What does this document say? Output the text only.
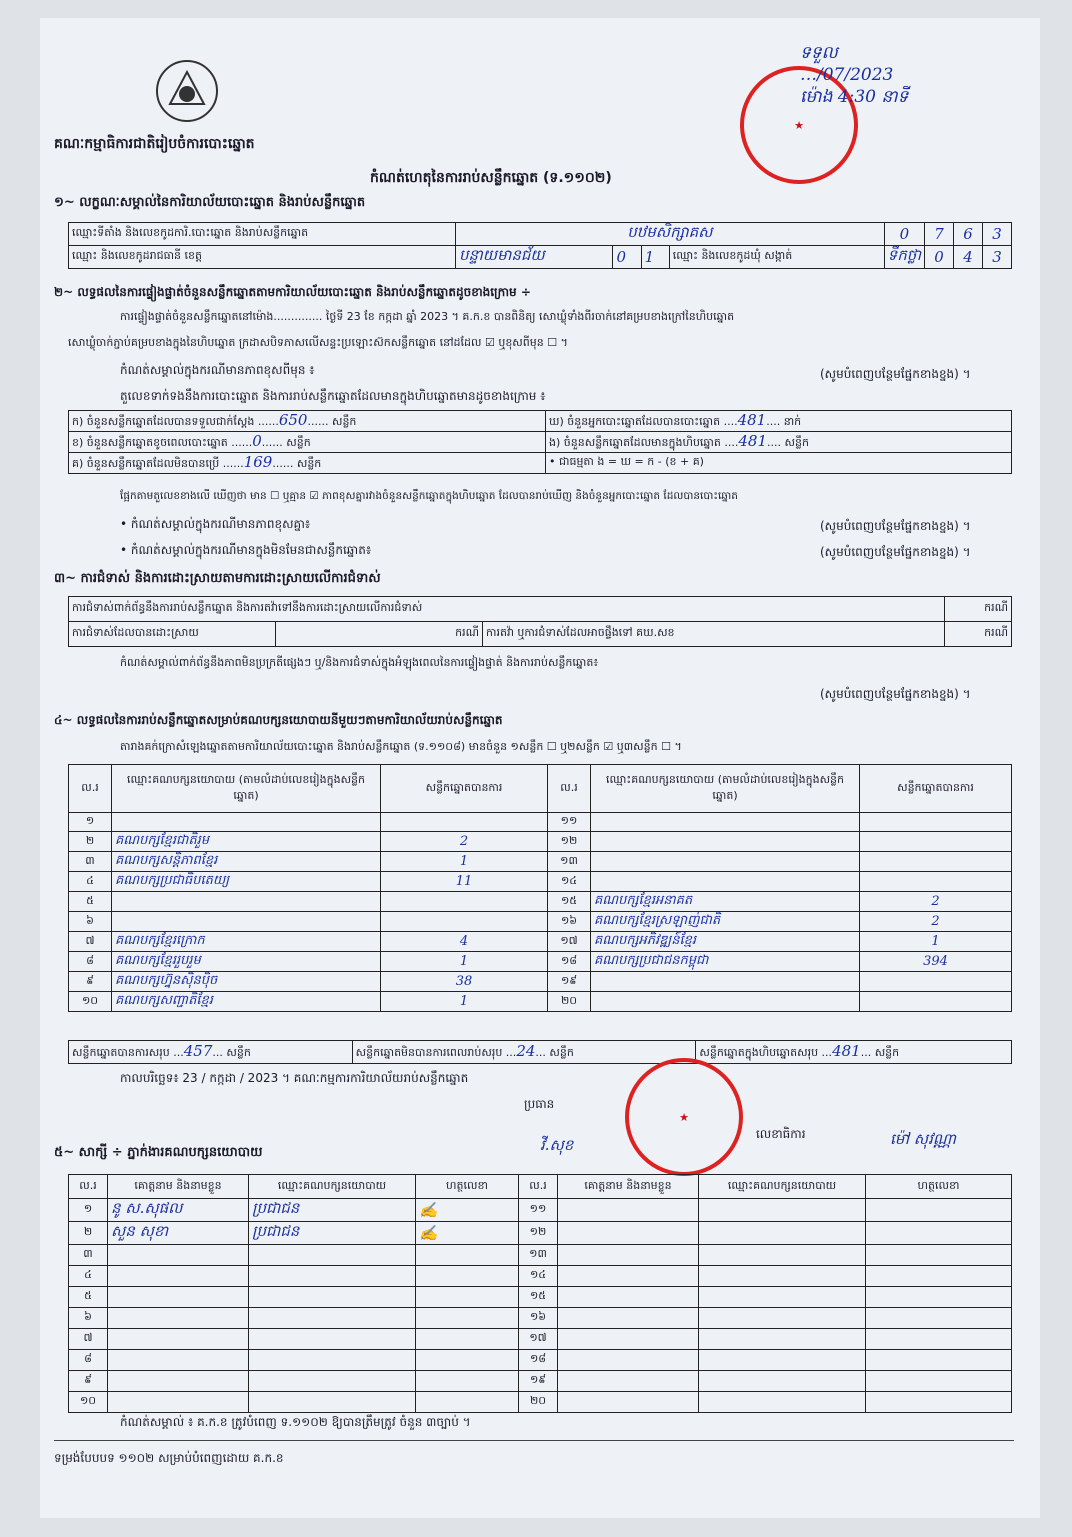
គណៈកម្មាធិការជាតិរៀបចំការបោះឆ្នោត
★
ទទួល
…/07/2023
ម៉ោង 4:30 នាទី
កំណត់ហេតុនៃការរាប់សន្លឹកឆ្នោត (ទ.១១០២)
១~ លក្ខណៈសម្គាល់នៃការិយាល័យបោះឆ្នោត និងរាប់សន្លឹកឆ្នោត
ឈ្មោះទីតាំង និងលេខកូដការិ.បោះឆ្នោត និងរាប់សន្លឹកឆ្នោត	បឋមសិក្សាគស				0	7	6	3
ឈ្មោះ និងលេខកូដរាជធានី ខេត្ត	បន្ទាយមានជ័យ	0	1	ឈ្មោះ និងលេខកូដឃុំ សង្កាត់	ទឹកថ្លា	0	4	3
២~ លទ្ធផលនៃការផ្ទៀងផ្ទាត់ចំនួនសន្លឹកឆ្នោតតាមការិយាល័យបោះឆ្នោត និងរាប់សន្លឹកឆ្នោតដូចខាងក្រោម ÷
ការផ្ទៀងផ្ទាត់ចំនួនសន្លឹកឆ្នោតនៅម៉ោង.............. ថ្ងៃទី 23 ខែ កក្កដា ឆ្នាំ 2023 ។ គ.ក.ខ បានពិនិត្យ សោឃ្លុំទាំងពីរចាក់នៅគម្របខាងក្រៅនៃហិបឆ្នោត
សោឃ្លុំចាក់ភ្ជាប់គម្របខាងក្នុងនៃហិបឆ្នោត ក្រដាសបិទភាសលើសន្ទះប្រឡោះស៊កសន្លឹកឆ្នោត នៅដដែល ☑ ឬខុសពីមុន ☐ ។
កំណត់សម្គាល់ក្នុងករណីមានភាពខុសពីមុន ៖	(សូមបំពេញបន្ថែមផ្នែកខាងខ្នង) ។
តួលេខទាក់ទងនឹងការបោះឆ្នោត និងការរាប់សន្លឹកឆ្នោតដែលមានក្នុងហិបឆ្នោតមានដូចខាងក្រោម ៖
ក) ចំនួនសន្លឹកឆ្នោតដែលបានទទួលជាក់ស្តែង ......650...... សន្លឹក	ឃ) ចំនួនអ្នកបោះឆ្នោតដែលបានបោះឆ្នោត ....481.... នាក់
ខ) ចំនួនសន្លឹកឆ្នោតខូចពេលបោះឆ្នោត ......0...... សន្លឹក	ង) ចំនួនសន្លឹកឆ្នោតដែលមានក្នុងហិបឆ្នោត ....481.... សន្លឹក
គ) ចំនួនសន្លឹកឆ្នោតដែលមិនបានប្រើ ......169...... សន្លឹក	• ជាធម្មតា ង = ឃ = ក - (ខ + គ)
ផ្អែកតាមតួលេខខាងលើ ឃើញថា មាន ☐ ឬគ្មាន ☑ ភាពខុសគ្នារវាងចំនួនសន្លឹកឆ្នោតក្នុងហិបឆ្នោត ដែលបានរាប់ឃើញ និងចំនួនអ្នកបោះឆ្នោត ដែលបានបោះឆ្នោត
• កំណត់សម្គាល់ក្នុងករណីមានភាពខុសគ្នា៖	(សូមបំពេញបន្ថែមផ្នែកខាងខ្នង) ។
• កំណត់សម្គាល់ក្នុងករណីមានក្នុងមិនមែនជាសន្លឹកឆ្នោត៖	(សូមបំពេញបន្ថែមផ្នែកខាងខ្នង) ។
៣~ ការជំទាស់ និងការដោះស្រាយតាមការដោះស្រាយលើការជំទាស់
ការជំទាស់ពាក់ព័ន្ធនឹងការរាប់សន្លឹកឆ្នោត និងការតវ៉ាទៅនឹងការដោះស្រាយលើការជំទាស់			ករណី
ការជំទាស់ដែលបានដោះស្រាយ	ករណី	ការតវ៉ា ឬការជំទាស់ដែលអាចផ្ទឹងទៅ គឃ.សខ	ករណី
កំណត់សម្គាល់ពាក់ព័ន្ធនឹងភាពមិនប្រក្រតីផ្សេងៗ ឬ/និងការជំទាស់ក្នុងអំឡុងពេលនៃការផ្ទៀងផ្ទាត់ និងការរាប់សន្លឹកឆ្នោត៖
(សូមបំពេញបន្ថែមផ្នែកខាងខ្នង) ។
៤~ លទ្ធផលនៃការរាប់សន្លឹកឆ្នោតសម្រាប់គណបក្សនយោបាយនីមួយៗតាមការិយាល័យរាប់សន្លឹកឆ្នោត
តារាងគក់ក្រោសំឡេងឆ្នោតតាមការិយាល័យបោះឆ្នោត និងរាប់សន្លឹកឆ្នោត (ទ.១១០៨) មានចំនួន ១សន្លឹក ☐ ឬ២សន្លឹក ☑ ឬ៣សន្លឹក ☐ ។
ល.រ	ឈ្មោះគណបក្សនយោបាយ (តាមលំដាប់លេខរៀងក្នុងសន្លឹកឆ្នោត)	សន្លឹកឆ្នោតបានការ	ល.រ	ឈ្មោះគណបក្សនយោបាយ (តាមលំដាប់លេខរៀងក្នុងសន្លឹកឆ្នោត)	សន្លឹកឆ្នោតបានការ
១			១១		
២	គណបក្សខ្មែរជាតិរួម	2	១២		
៣	គណបក្សសន្តិភាពខ្មែរ	1	១៣		
៤	គណបក្សប្រជាធិបតេយ្យ	11	១៤		
៥			១៥	គណបក្សខ្មែរអនាគត	2
៦			១៦	គណបក្សខ្មែរស្រឡាញ់ជាតិ	2
៧	គណបក្សខ្មែរក្រោក	4	១៧	គណបក្សអភិវឌ្ឍន៍ខ្មែរ	1
៨	គណបក្សខ្មែររួបរួម	1	១៨	គណបក្សប្រជាជនកម្ពុជា	394
៩	គណបក្សហ្វ៊ុនស៊ិនប៉ិច	38	១៩		
១០	គណបក្សសញ្ជាតិខ្មែរ	1	២០		
សន្លឹកឆ្នោតបានការសរុប ...457... សន្លឹក	សន្លឹកឆ្នោតមិនបានការពេលរាប់សរុប ...24... សន្លឹក	សន្លឹកឆ្នោតក្នុងហិបឆ្នោតសរុប ...481... សន្លឹក
កាលបរិច្ឆេទ៖ 23 / កក្កដា / 2023 ។ គណៈកម្មការការិយាល័យរាប់សន្លឹកឆ្នោត
★
ប្រធាន
វី.សុខ
លេខាធិការ	ម៉ៅ សុវណ្ណា
៥~ សាក្សី ÷ ភ្នាក់ងារគណបក្សនយោបាយ
ល.រ	គោត្តនាម និងនាមខ្លួន	ឈ្មោះគណបក្សនយោបាយ	ហត្ថលេខា	ល.រ	គោត្តនាម និងនាមខ្លួន	ឈ្មោះគណបក្សនយោបាយ	ហត្ថលេខា
១	នូ ស.សុផល	ប្រជាជន	✍	១១			
២	សួន សុខា	ប្រជាជន	✍	១២			
៣				១៣			
៤				១៤			
៥				១៥			
៦				១៦			
៧				១៧			
៨				១៨			
៩				១៩			
១០				២០			
កំណត់សម្គាល់ ៖ គ.ក.ខ ត្រូវបំពេញ ទ.១១០២ ឱ្យបានត្រឹមត្រូវ ចំនួន ៣ច្បាប់ ។
ទម្រង់បែបបទ ១១០២ សម្រាប់បំពេញដោយ គ.ក.ខ
